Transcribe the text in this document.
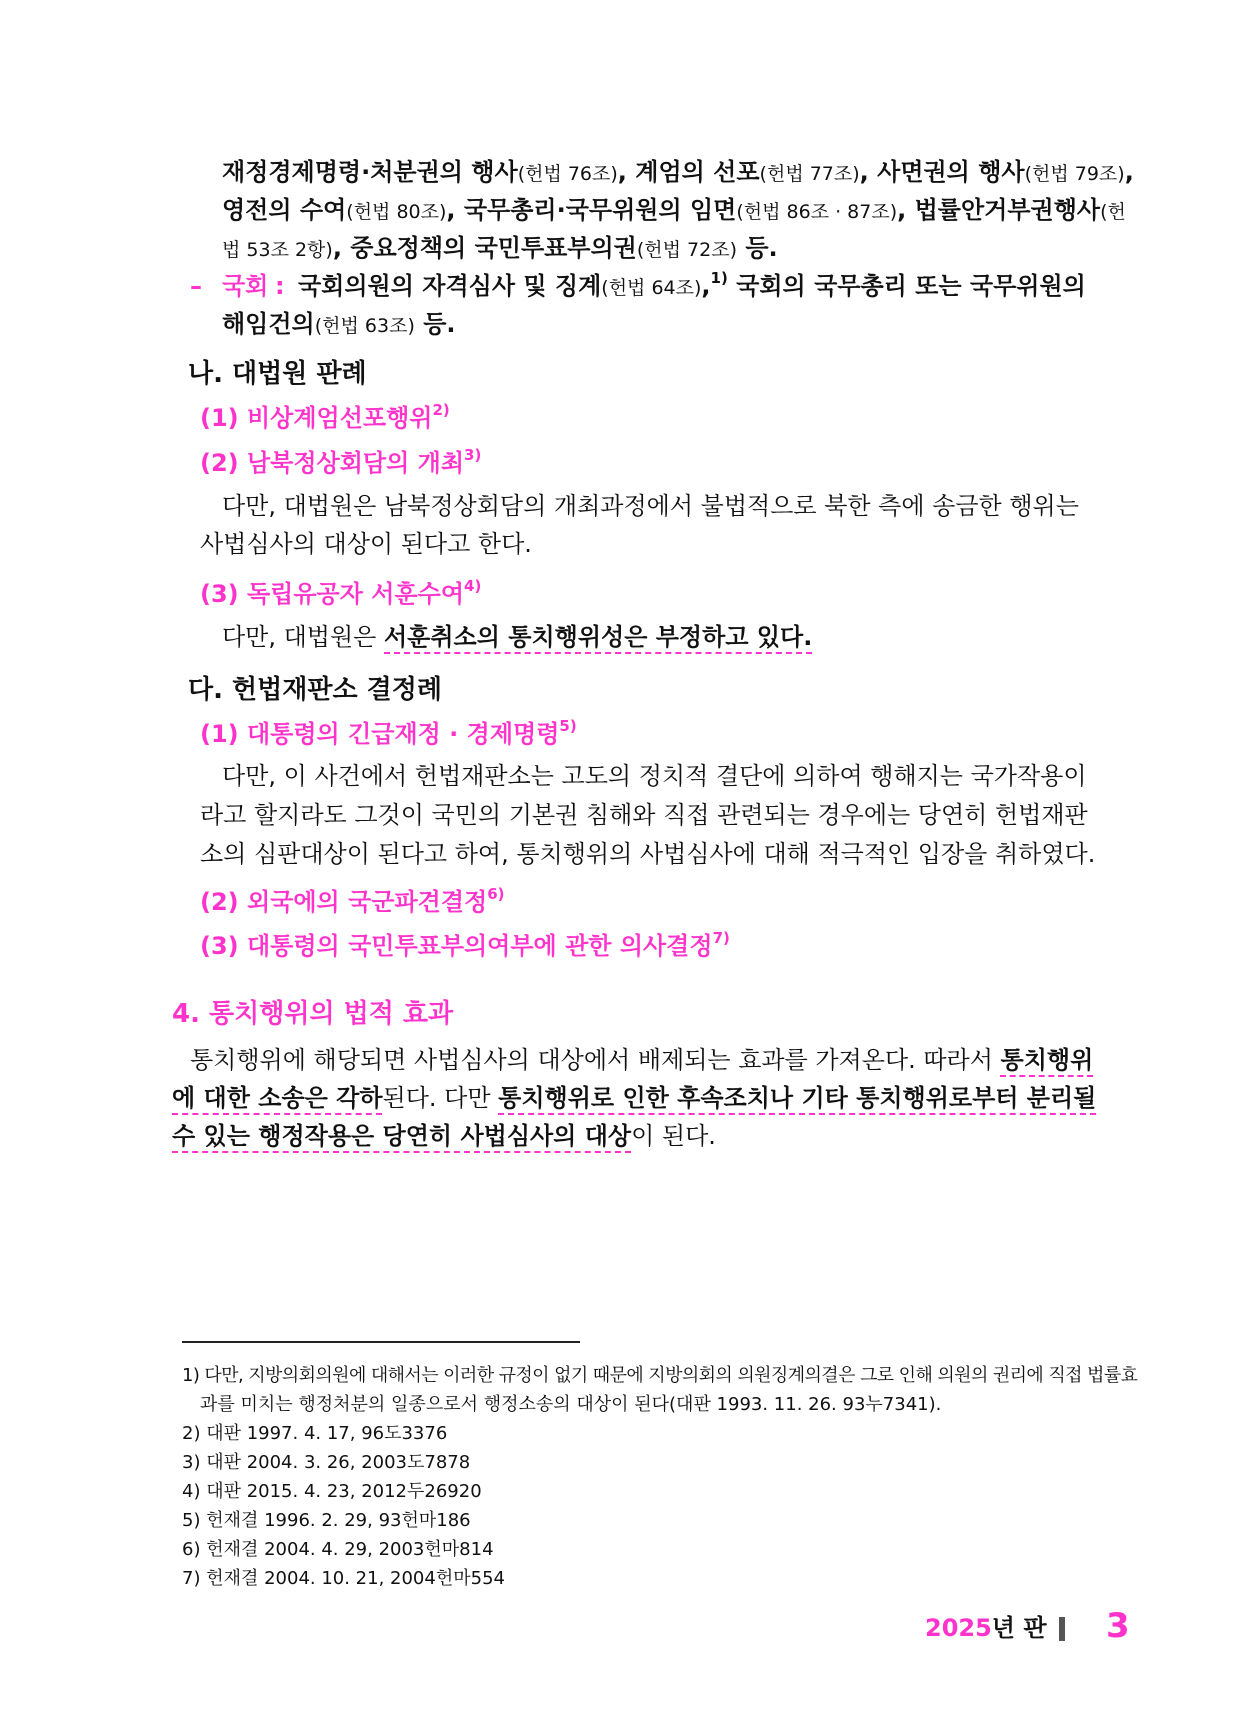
재정경제명령·처분권의 행사(헌법 76조), 계엄의 선포(헌법 77조), 사면권의 행사(헌법 79조),
영전의 수여(헌법 80조), 국무총리·국무위원의 임면(헌법 86조 · 87조), 법률안거부권행사(헌
법 53조 2항), 중요정책의 국민투표부의권(헌법 72조) 등.
– 국회 : 국회의원의 자격심사 및 징계(헌법 64조),$^{1)}$ 국회의 국무총리 또는 국무위원의
해임건의(헌법 63조) 등.
나. 대법원 판례
(1) 비상계엄선포행위$^{2)}$
(2) 남북정상회담의 개최$^{3)}$
다만, 대법원은 남북정상회담의 개최과정에서 불법적으로 북한 측에 송금한 행위는
사법심사의 대상이 된다고 한다.
(3) 독립유공자 서훈수여$^{4)}$
다만, 대법원은 서훈취소의 통치행위성은 부정하고 있다.
다. 헌법재판소 결정례
(1) 대통령의 긴급재정 · 경제명령$^{5)}$
다만, 이 사건에서 헌법재판소는 고도의 정치적 결단에 의하여 행해지는 국가작용이
라고 할지라도 그것이 국민의 기본권 침해와 직접 관련되는 경우에는 당연히 헌법재판
소의 심판대상이 된다고 하여, 통치행위의 사법심사에 대해 적극적인 입장을 취하였다.
(2) 외국에의 국군파견결정$^{6)}$
(3) 대통령의 국민투표부의여부에 관한 의사결정$^{7)}$
4. 통치행위의 법적 효과
통치행위에 해당되면 사법심사의 대상에서 배제되는 효과를 가져온다. 따라서 통치행위
에 대한 소송은 각하된다. 다만 통치행위로 인한 후속조치나 기타 통치행위로부터 분리될
수 있는 행정작용은 당연히 사법심사의 대상이 된다.
1) 다만, 지방의회의원에 대해서는 이러한 규정이 없기 때문에 지방의회의 의원징계의결은 그로 인해 의원의 권리에 직접 법률효
과를 미치는 행정처분의 일종으로서 행정소송의 대상이 된다(대판 1993. 11. 26. 93누7341).
2) 대판 1997. 4. 17, 96도3376
3) 대판 2004. 3. 26, 2003도7878
4) 대판 2015. 4. 23, 2012두26920
5) 헌재결 1996. 2. 29, 93헌마186
6) 헌재결 2004. 4. 29, 2003헌마814
7) 헌재결 2004. 10. 21, 2004헌마554
2025년 판	3
